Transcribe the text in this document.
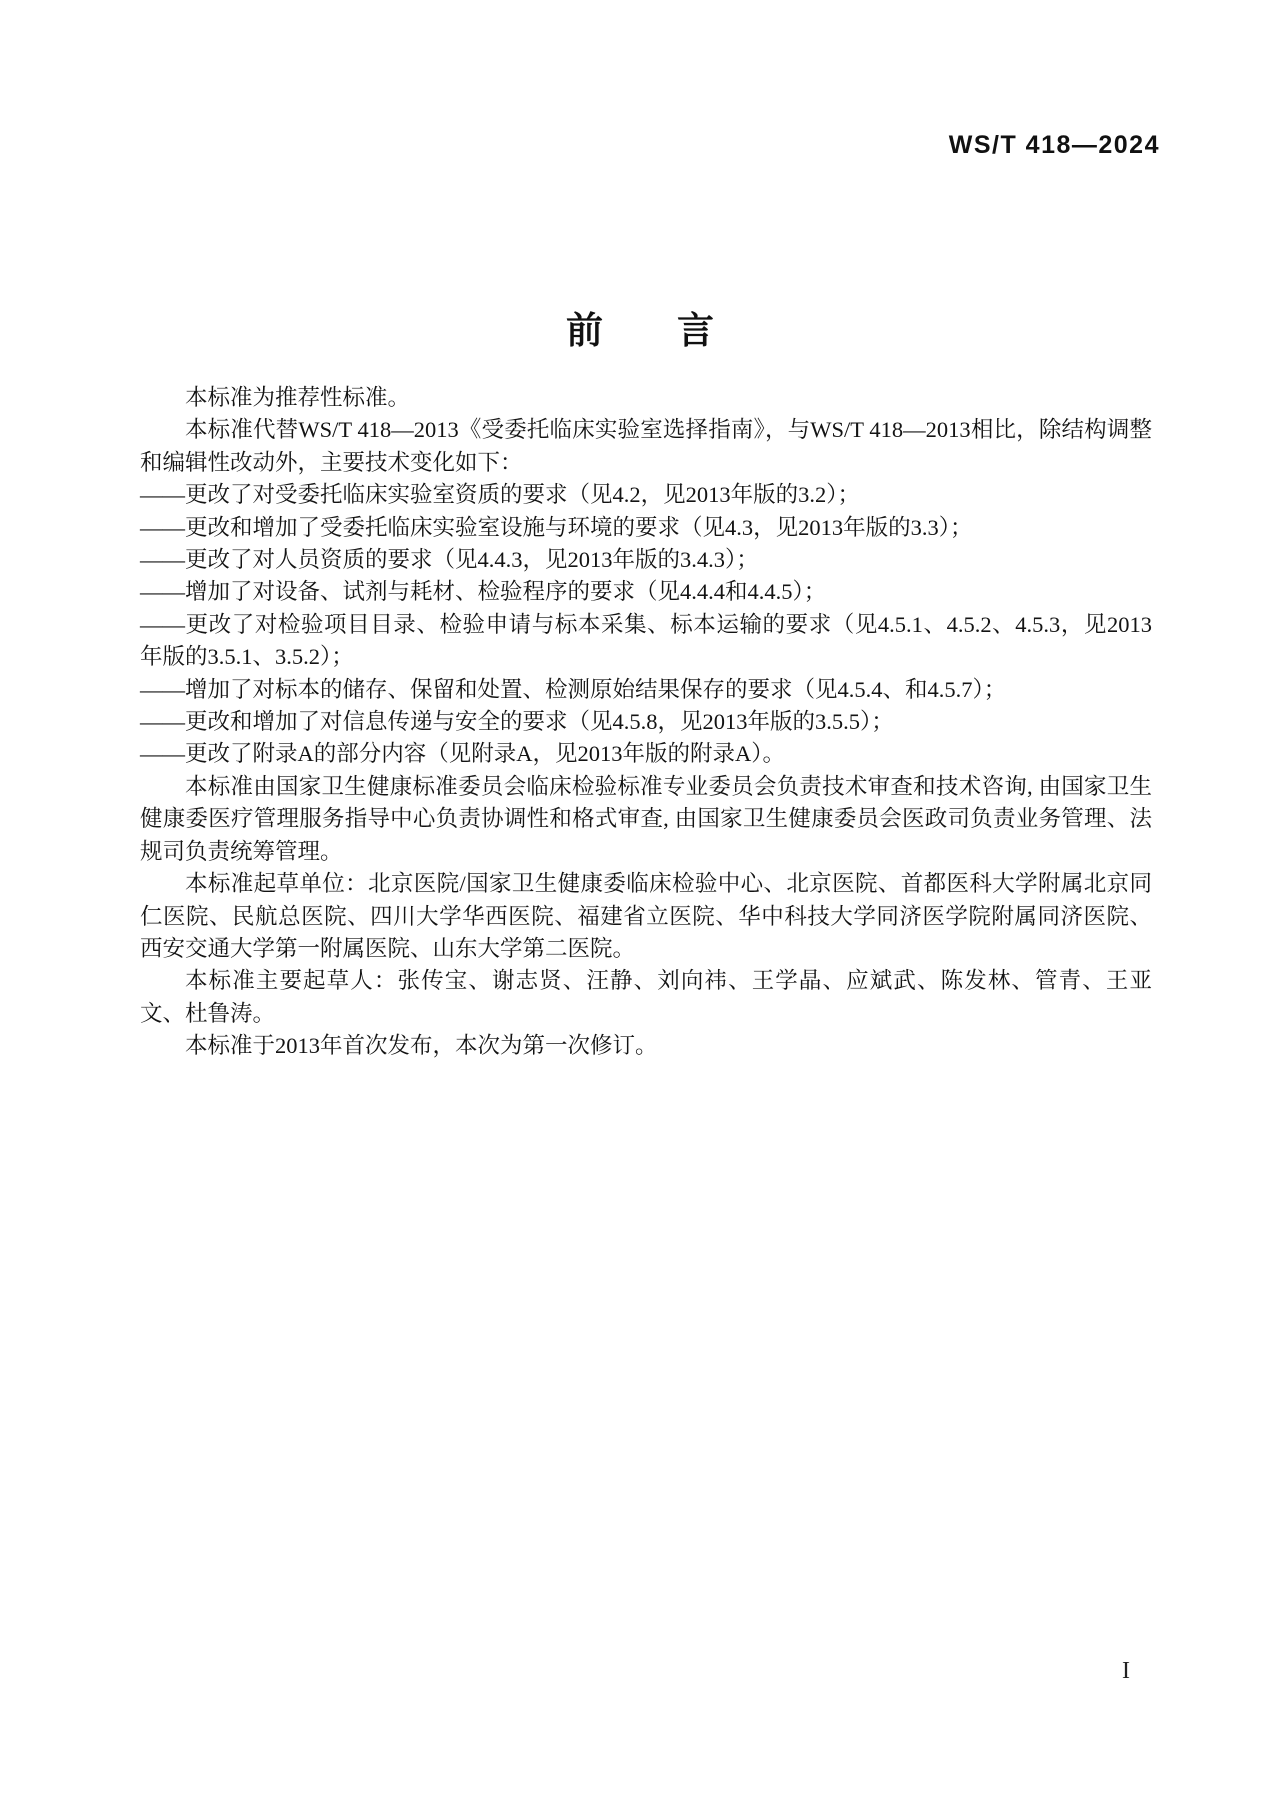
WS/T 418—2024
前　　言

本标准为推荐性标准。

本标准代替WS/T 418—2013《受委托临床实验室选择指南》，与WS/T 418—2013相比，除结构调整和编辑性改动外，主要技术变化如下：

——更改了对受委托临床实验室资质的要求（见4.2，见2013年版的3.2）；

——更改和增加了受委托临床实验室设施与环境的要求（见4.3，见2013年版的3.3）；

——更改了对人员资质的要求（见4.4.3，见2013年版的3.4.3）；

——增加了对设备、试剂与耗材、检验程序的要求（见4.4.4和4.4.5）；

——更改了对检验项目目录、检验申请与标本采集、标本运输的要求（见4.5.1、4.5.2、4.5.3，见2013年版的3.5.1、3.5.2）；

——增加了对标本的储存、保留和处置、检测原始结果保存的要求（见4.5.4、和4.5.7）；

——更改和增加了对信息传递与安全的要求（见4.5.8，见2013年版的3.5.5）；

——更改了附录A的部分内容（见附录A，见2013年版的附录A）。

本标准由国家卫生健康标准委员会临床检验标准专业委员会负责技术审查和技术咨询, 由国家卫生健康委医疗管理服务指导中心负责协调性和格式审查, 由国家卫生健康委员会医政司负责业务管理、法规司负责统筹管理。

本标准起草单位：北京医院/国家卫生健康委临床检验中心、北京医院、首都医科大学附属北京同仁医院、民航总医院、四川大学华西医院、福建省立医院、华中科技大学同济医学院附属同济医院、西安交通大学第一附属医院、山东大学第二医院。

本标准主要起草人：张传宝、谢志贤、汪静、刘向祎、王学晶、应斌武、陈发林、管青、王亚文、杜鲁涛。

本标准于2013年首次发布，本次为第一次修订。

I
